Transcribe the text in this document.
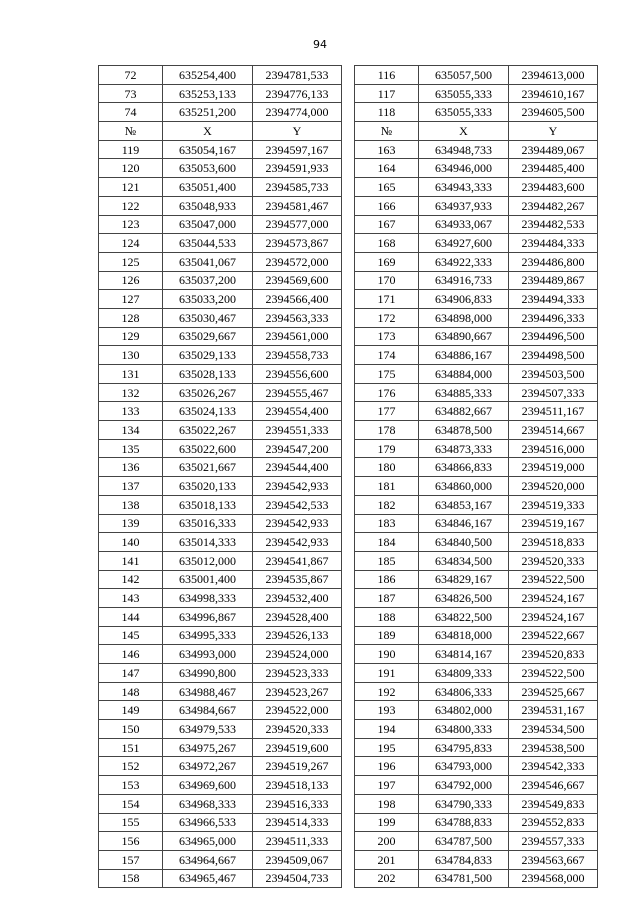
94
72	635254,400	2394781,533		116	635057,500	2394613,000
73	635253,133	2394776,133		117	635055,333	2394610,167
74	635251,200	2394774,000		118	635055,333	2394605,500
№	X	Y		№	X	Y
119	635054,167	2394597,167		163	634948,733	2394489,067
120	635053,600	2394591,933		164	634946,000	2394485,400
121	635051,400	2394585,733		165	634943,333	2394483,600
122	635048,933	2394581,467		166	634937,933	2394482,267
123	635047,000	2394577,000		167	634933,067	2394482,533
124	635044,533	2394573,867		168	634927,600	2394484,333
125	635041,067	2394572,000		169	634922,333	2394486,800
126	635037,200	2394569,600		170	634916,733	2394489,867
127	635033,200	2394566,400		171	634906,833	2394494,333
128	635030,467	2394563,333		172	634898,000	2394496,333
129	635029,667	2394561,000		173	634890,667	2394496,500
130	635029,133	2394558,733		174	634886,167	2394498,500
131	635028,133	2394556,600		175	634884,000	2394503,500
132	635026,267	2394555,467		176	634885,333	2394507,333
133	635024,133	2394554,400		177	634882,667	2394511,167
134	635022,267	2394551,333		178	634878,500	2394514,667
135	635022,600	2394547,200		179	634873,333	2394516,000
136	635021,667	2394544,400		180	634866,833	2394519,000
137	635020,133	2394542,933		181	634860,000	2394520,000
138	635018,133	2394542,533		182	634853,167	2394519,333
139	635016,333	2394542,933		183	634846,167	2394519,167
140	635014,333	2394542,933		184	634840,500	2394518,833
141	635012,000	2394541,867		185	634834,500	2394520,333
142	635001,400	2394535,867		186	634829,167	2394522,500
143	634998,333	2394532,400		187	634826,500	2394524,167
144	634996,867	2394528,400		188	634822,500	2394524,167
145	634995,333	2394526,133		189	634818,000	2394522,667
146	634993,000	2394524,000		190	634814,167	2394520,833
147	634990,800	2394523,333		191	634809,333	2394522,500
148	634988,467	2394523,267		192	634806,333	2394525,667
149	634984,667	2394522,000		193	634802,000	2394531,167
150	634979,533	2394520,333		194	634800,333	2394534,500
151	634975,267	2394519,600		195	634795,833	2394538,500
152	634972,267	2394519,267		196	634793,000	2394542,333
153	634969,600	2394518,133		197	634792,000	2394546,667
154	634968,333	2394516,333		198	634790,333	2394549,833
155	634966,533	2394514,333		199	634788,833	2394552,833
156	634965,000	2394511,333		200	634787,500	2394557,333
157	634964,667	2394509,067		201	634784,833	2394563,667
158	634965,467	2394504,733		202	634781,500	2394568,000
